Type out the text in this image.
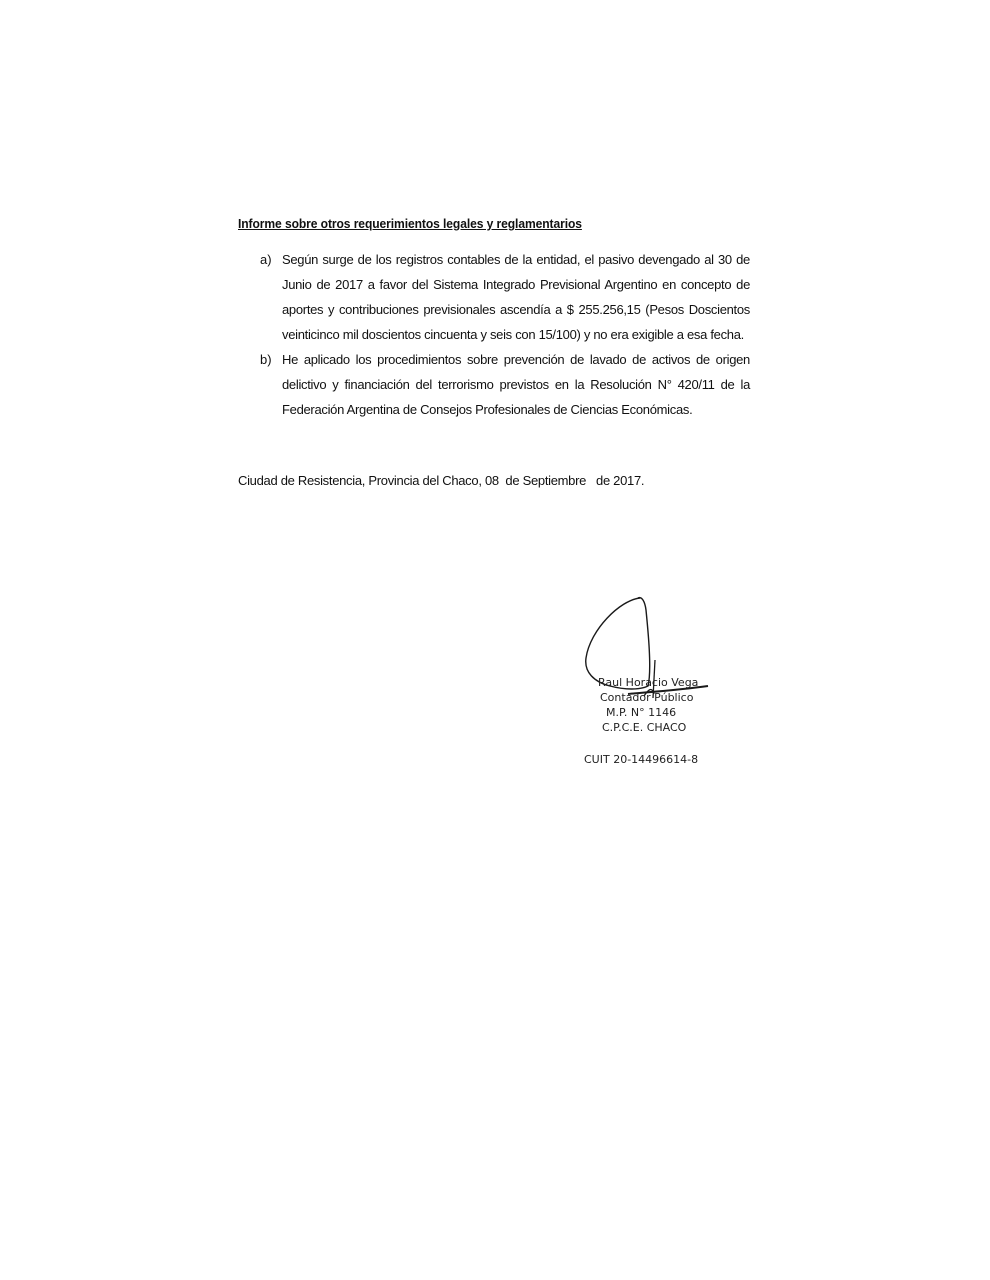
Informe sobre otros requerimientos legales y reglamentarios
a) Según surge de los registros contables de la entidad, el pasivo devengado al 30 de Junio de 2017 a favor del Sistema Integrado Previsional Argentino en concepto de aportes y contribuciones previsionales ascendía a $ 255.256,15 (Pesos Doscientos veinticinco mil doscientos cincuenta y seis con 15/100) y no era exigible a esa fecha.
b) He aplicado los procedimientos sobre prevención de lavado de activos de origen delictivo y financiación del terrorismo previstos en la Resolución N° 420/11 de la Federación Argentina de Consejos Profesionales de Ciencias Económicas.
Ciudad de Resistencia, Provincia del Chaco, 08  de Septiembre   de 2017.
Raul Horacio Vega
Contador Público
M.P. N° 1146
C.P.C.E. CHACO
CUIT 20-14496614-8
